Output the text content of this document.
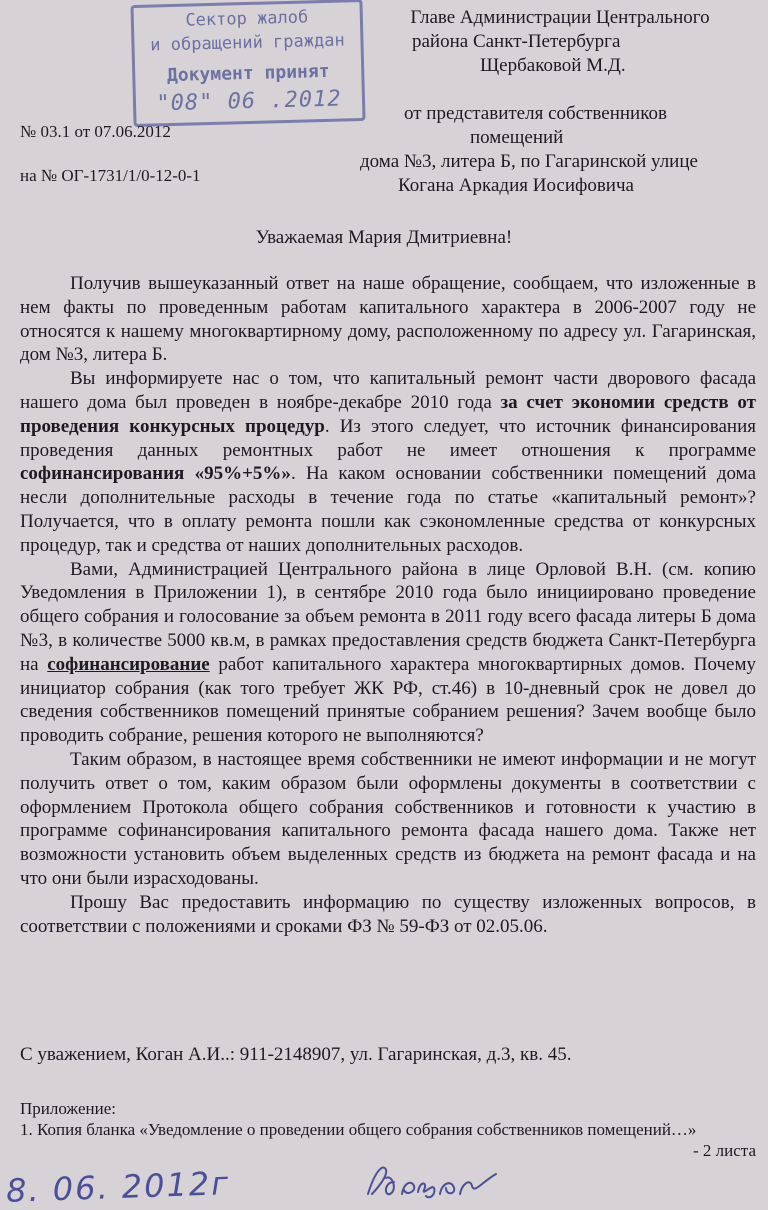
Сектор жалоб
и обращений граждан
Документ принят
"08" 06 .2012
Главе Администрации Центрального
района Санкт-Петербурга
Щербаковой М.Д.
от представителя собственников
помещений
дома №3, литера Б, по Гагаринской улице
Когана Аркадия Иосифовича
№ 03.1 от 07.06.2012
на № ОГ-1731/1/0-12-0-1
Уважаемая Мария Дмитриевна!

Получив вышеуказанный ответ на наше обращение, сообщаем, что изложенные в нем факты по проведенным работам капитального характера в 2006-2007 году не относятся к нашему многоквартирному дому, расположенному по адресу ул. Гагаринская, дом №3, литера Б.

Вы информируете нас о том, что капитальный ремонт части дворового фасада нашего дома был проведен в ноябре-декабре 2010 года за счет экономии средств от проведения конкурсных процедур. Из этого следует, что источник финансирования проведения данных ремонтных работ не имеет отношения к программе софинансирования «95%+5%». На каком основании собственники помещений дома несли дополнительные расходы в течение года по статье «капитальный ремонт»? Получается, что в оплату ремонта пошли как сэкономленные средства от конкурсных процедур, так и средства от наших дополнительных расходов.

Вами, Администрацией Центрального района в лице Орловой В.Н. (см. копию Уведомления в Приложении 1), в сентябре 2010 года было инициировано проведение общего собрания и голосование за объем ремонта в 2011 году всего фасада литеры Б дома №3, в количестве 5000 кв.м, в рамках предоставления средств бюджета Санкт-Петербурга на софинансирование работ капитального характера многоквартирных домов. Почему инициатор собрания (как того требует ЖК РФ, ст.46) в 10-дневный срок не довел до сведения собственников помещений принятые собранием решения? Зачем вообще было проводить собрание, решения которого не выполняются?

Таким образом, в настоящее время собственники не имеют информации и не могут получить ответ о том, каким образом были оформлены документы в соответствии с оформлением Протокола общего собрания собственников и готовности к участию в программе софинансирования капитального ремонта фасада нашего дома. Также нет возможности установить объем выделенных средств из бюджета на ремонт фасада и на что они были израсходованы.

Прошу Вас предоставить информацию по существу изложенных вопросов, в соответствии с положениями и сроками ФЗ № 59-ФЗ от 02.05.06.

С уважением, Коган А.И..: 911-2148907, ул. Гагаринская, д.3, кв. 45.
Приложение:
1. Копия бланка «Уведомление о проведении общего собрания собственников помещений…»
- 2 листа
8. 06. 2012г
